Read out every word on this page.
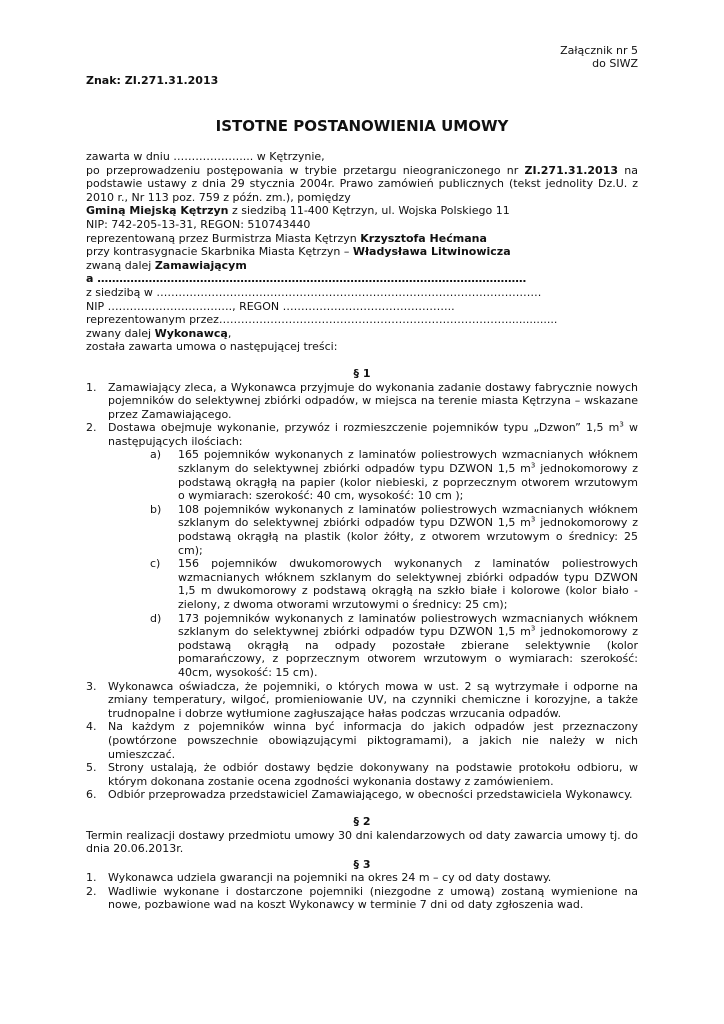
Załącznik nr 5
do SIWZ
Znak: ZI.271.31.2013
ISTOTNE POSTANOWIENIA UMOWY

zawarta w dniu ……………….... w Kętrzynie,

po przeprowadzeniu postępowania w trybie przetargu nieograniczonego nr ZI.271.31.2013 na podstawie ustawy z dnia 29 stycznia 2004r. Prawo zamówień publicznych (tekst jednolity Dz.U. z 2010 r., Nr 113 poz. 759 z późn. zm.), pomiędzy

Gminą Miejską Kętrzyn z siedzibą 11-400 Kętrzyn, ul. Wojska Polskiego 11

NIP: 742-205-13-31, REGON: 510743440

reprezentowaną przez Burmistrza Miasta Kętrzyn Krzysztofa Hećmana

przy kontrasygnacie Skarbnika Miasta Kętrzyn – Władysława Litwinowicza

zwaną dalej Zamawiającym

a ………………………………………………………………………………………………………

z siedzibą w ……………………………………………………………………………………………

NIP ……………………………., REGON ………………………………………..

reprezentowanym przez……………………………………………………………………...............

zwany dalej Wykonawcą,

została zawarta umowa o następującej treści:

§ 1

1. Zamawiający zleca, a Wykonawca przyjmuje do wykonania zadanie dostawy fabrycznie nowych pojemników do selektywnej zbiórki odpadów, w miejsca na terenie miasta Kętrzyna – wskazane przez Zamawiającego.
2. Dostawa obejmuje wykonanie, przywóz i rozmieszczenie pojemników typu „Dzwon” 1,5 $m^3$ w następujących ilościach:
a) 165 pojemników wykonanych z laminatów poliestrowych wzmacnianych włóknem szklanym do selektywnej zbiórki odpadów typu DZWON 1,5 $m^3$ jednokomorowy z podstawą okrągłą na papier (kolor niebieski, z poprzecznym otworem wrzutowym o wymiarach: szerokość: 40 cm, wysokość: 10 cm );
b) 108 pojemników wykonanych z laminatów poliestrowych wzmacnianych włóknem szklanym do selektywnej zbiórki odpadów typu DZWON 1,5 $m^3$ jednokomorowy z podstawą okrągłą na plastik (kolor żółty, z otworem wrzutowym o średnicy: 25 cm);
c) 156 pojemników dwukomorowych wykonanych z laminatów poliestrowych wzmacnianych włóknem szklanym do selektywnej zbiórki odpadów typu DZWON 1,5 m dwukomorowy z podstawą okrągłą na szkło białe i kolorowe (kolor biało - zielony, z dwoma otworami wrzutowymi o średnicy: 25 cm);
d) 173 pojemników wykonanych z laminatów poliestrowych wzmacnianych włóknem szklanym do selektywnej zbiórki odpadów typu DZWON 1,5 $m^3$ jednokomorowy z podstawą okrągłą na odpady pozostałe zbierane selektywnie (kolor pomarańczowy, z poprzecznym otworem wrzutowym o wymiarach: szerokość: 40cm, wysokość: 15 cm).
3. Wykonawca oświadcza, że pojemniki, o których mowa w ust. 2 są wytrzymałe i odporne na zmiany temperatury, wilgoć, promieniowanie UV, na czynniki chemiczne i korozyjne, a także trudnopalne i dobrze wytłumione zagłuszające hałas podczas wrzucania odpadów.
4. Na każdym z pojemników winna być informacja do jakich odpadów jest przeznaczony (powtórzone powszechnie obowiązującymi piktogramami), a jakich nie należy w nich umieszczać.
5. Strony ustalają, że odbiór dostawy będzie dokonywany na podstawie protokołu odbioru, w którym dokonana zostanie ocena zgodności wykonania dostawy z zamówieniem.
6. Odbiór przeprowadza przedstawiciel Zamawiającego, w obecności przedstawiciela Wykonawcy.

§ 2

Termin realizacji dostawy przedmiotu umowy 30 dni kalendarzowych od daty zawarcia umowy tj. do dnia 20.06.2013r.

§ 3

1. Wykonawca udziela gwarancji na pojemniki na okres 24 m – cy od daty dostawy.
2. Wadliwie wykonane i dostarczone pojemniki (niezgodne z umową) zostaną wymienione na nowe, pozbawione wad na koszt Wykonawcy w terminie 7 dni od daty zgłoszenia wad.
